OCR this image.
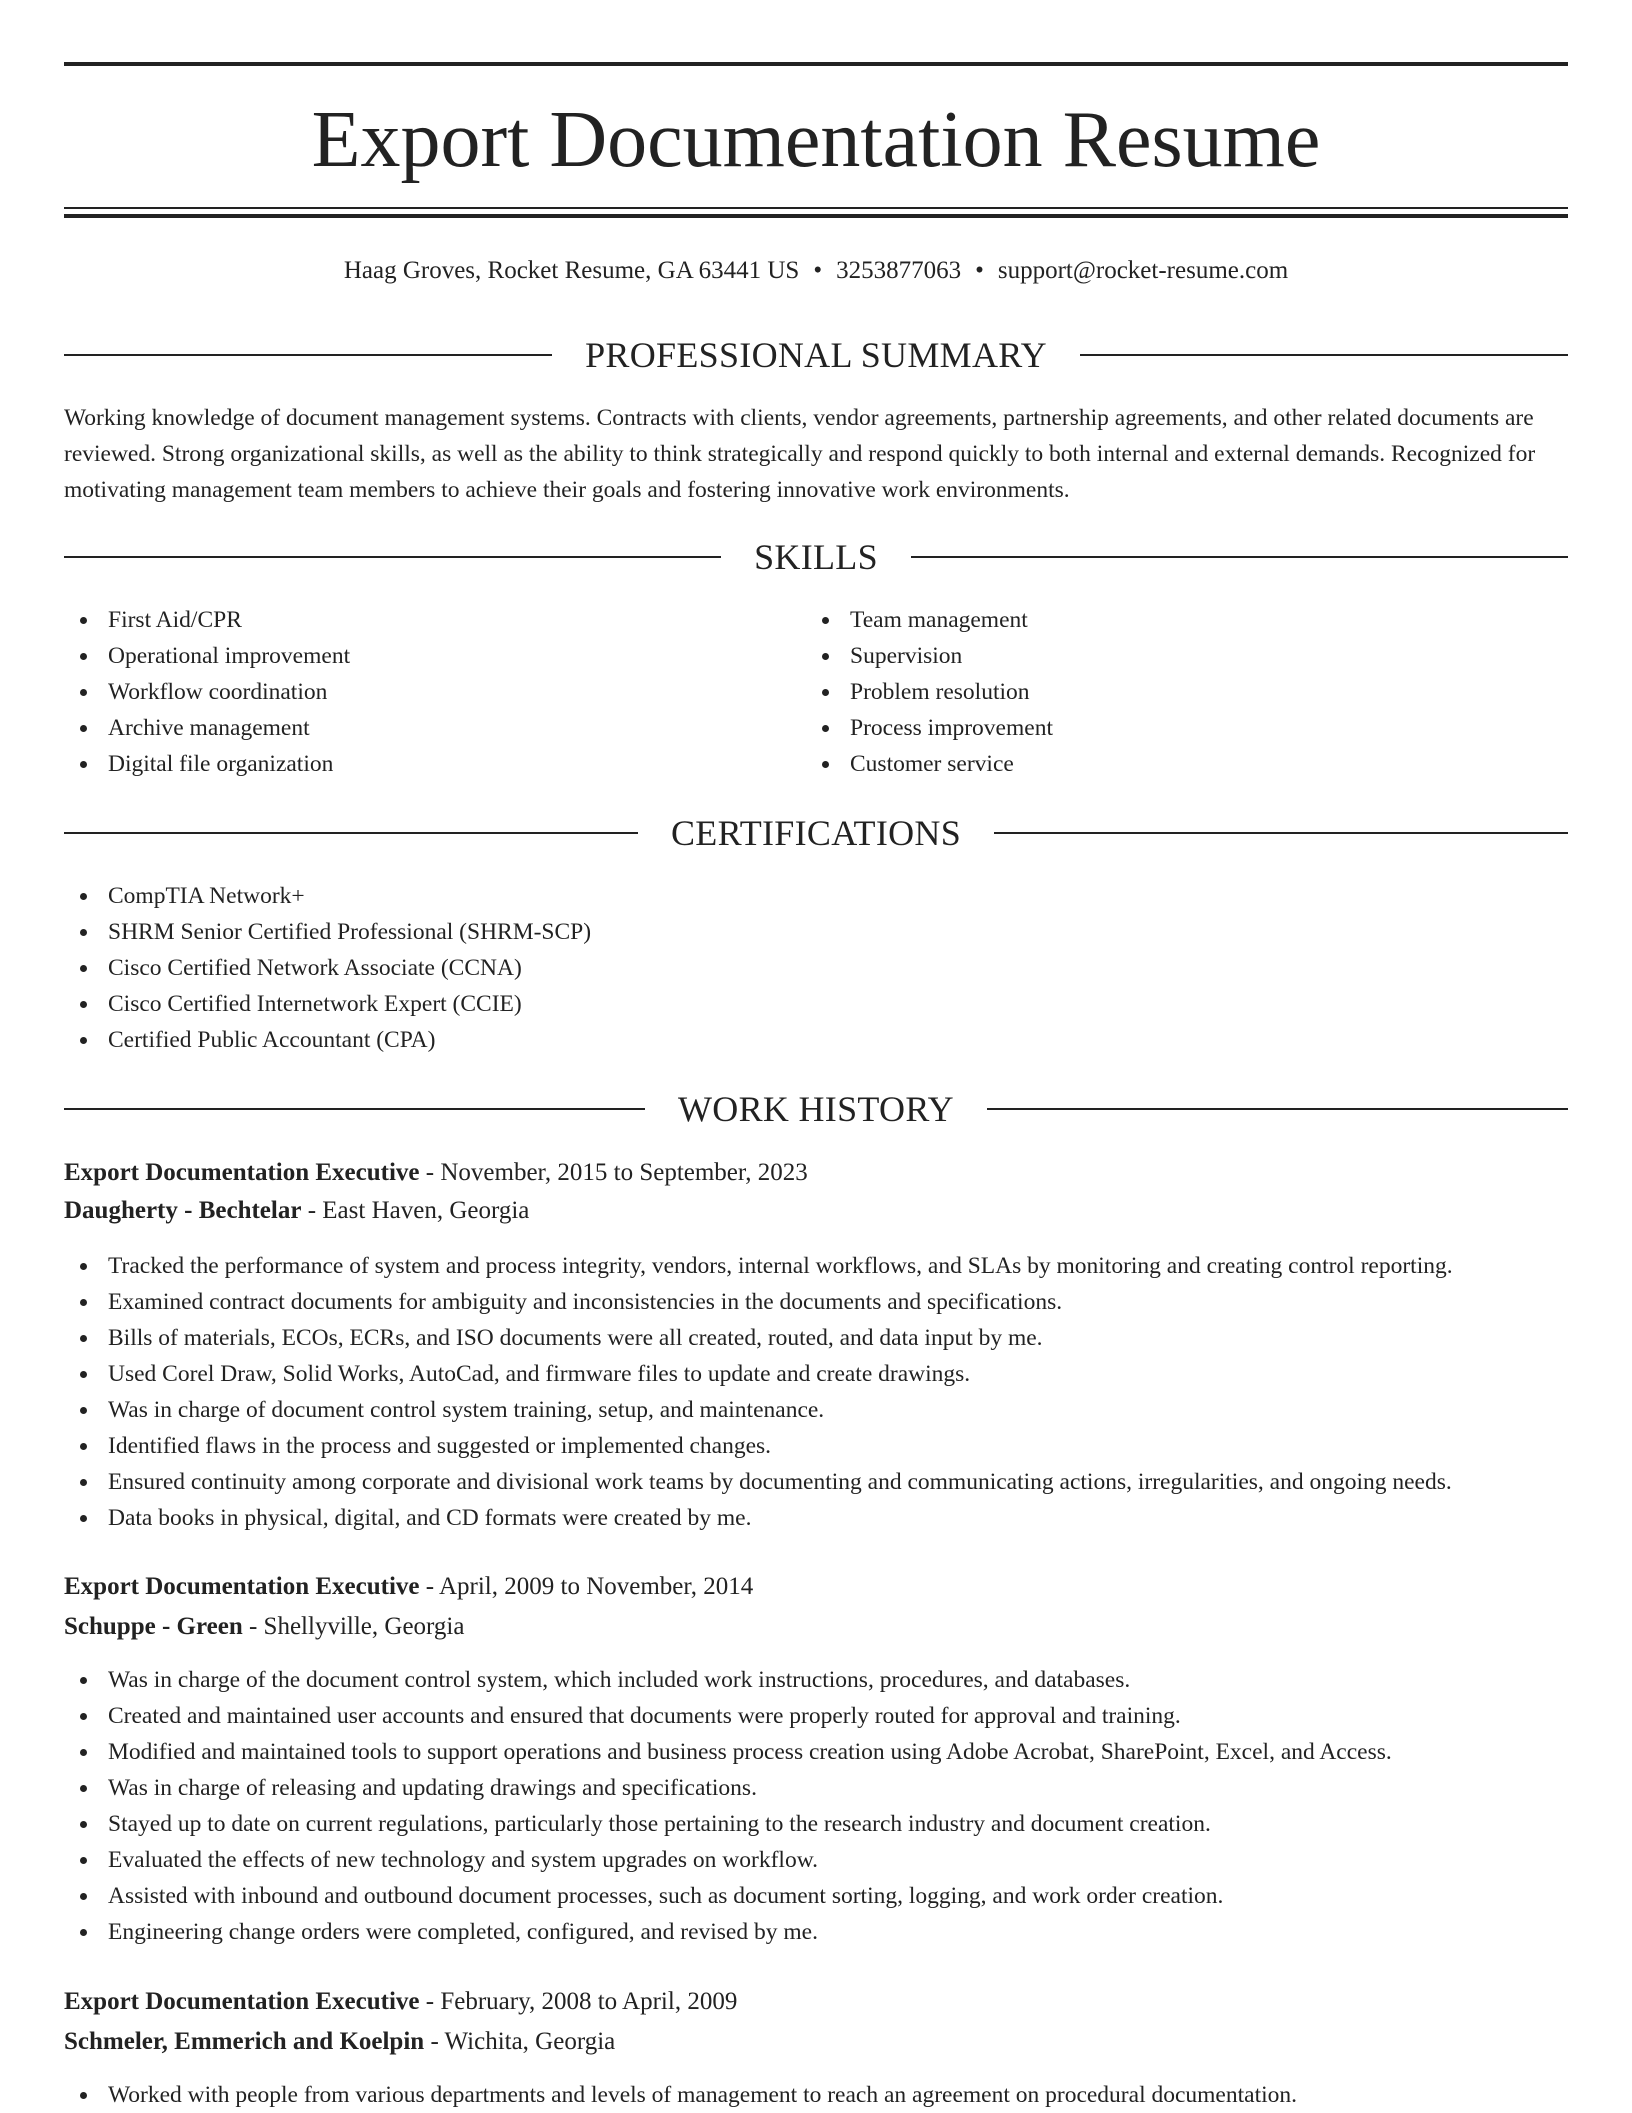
Export Documentation Resume
Haag Groves, Rocket Resume, GA 63441 US • 3253877063 • support@rocket-resume.com
PROFESSIONAL SUMMARY

Working knowledge of document management systems. Contracts with clients, vendor agreements, partnership agreements, and other related documents are reviewed. Strong organizational skills, as well as the ability to think strategically and respond quickly to both internal and external demands. Recognized for motivating management team members to achieve their goals and fostering innovative work environments.

SKILLS
First Aid/CPR
Operational improvement
Workflow coordination
Archive management
Digital file organization
Team management
Supervision
Problem resolution
Process improvement
Customer service
CERTIFICATIONS
CompTIA Network+
SHRM Senior Certified Professional (SHRM-SCP)
Cisco Certified Network Associate (CCNA)
Cisco Certified Internetwork Expert (CCIE)
Certified Public Accountant (CPA)
WORK HISTORY
Export Documentation Executive - November, 2015 to September, 2023
Daugherty - Bechtelar - East Haven, Georgia
Tracked the performance of system and process integrity, vendors, internal workflows, and SLAs by monitoring and creating control reporting.
Examined contract documents for ambiguity and inconsistencies in the documents and specifications.
Bills of materials, ECOs, ECRs, and ISO documents were all created, routed, and data input by me.
Used Corel Draw, Solid Works, AutoCad, and firmware files to update and create drawings.
Was in charge of document control system training, setup, and maintenance.
Identified flaws in the process and suggested or implemented changes.
Ensured continuity among corporate and divisional work teams by documenting and communicating actions, irregularities, and ongoing needs.
Data books in physical, digital, and CD formats were created by me.
Export Documentation Executive - April, 2009 to November, 2014
Schuppe - Green - Shellyville, Georgia
Was in charge of the document control system, which included work instructions, procedures, and databases.
Created and maintained user accounts and ensured that documents were properly routed for approval and training.
Modified and maintained tools to support operations and business process creation using Adobe Acrobat, SharePoint, Excel, and Access.
Was in charge of releasing and updating drawings and specifications.
Stayed up to date on current regulations, particularly those pertaining to the research industry and document creation.
Evaluated the effects of new technology and system upgrades on workflow.
Assisted with inbound and outbound document processes, such as document sorting, logging, and work order creation.
Engineering change orders were completed, configured, and revised by me.
Export Documentation Executive - February, 2008 to April, 2009
Schmeler, Emmerich and Koelpin - Wichita, Georgia
Worked with people from various departments and levels of management to reach an agreement on procedural documentation.
